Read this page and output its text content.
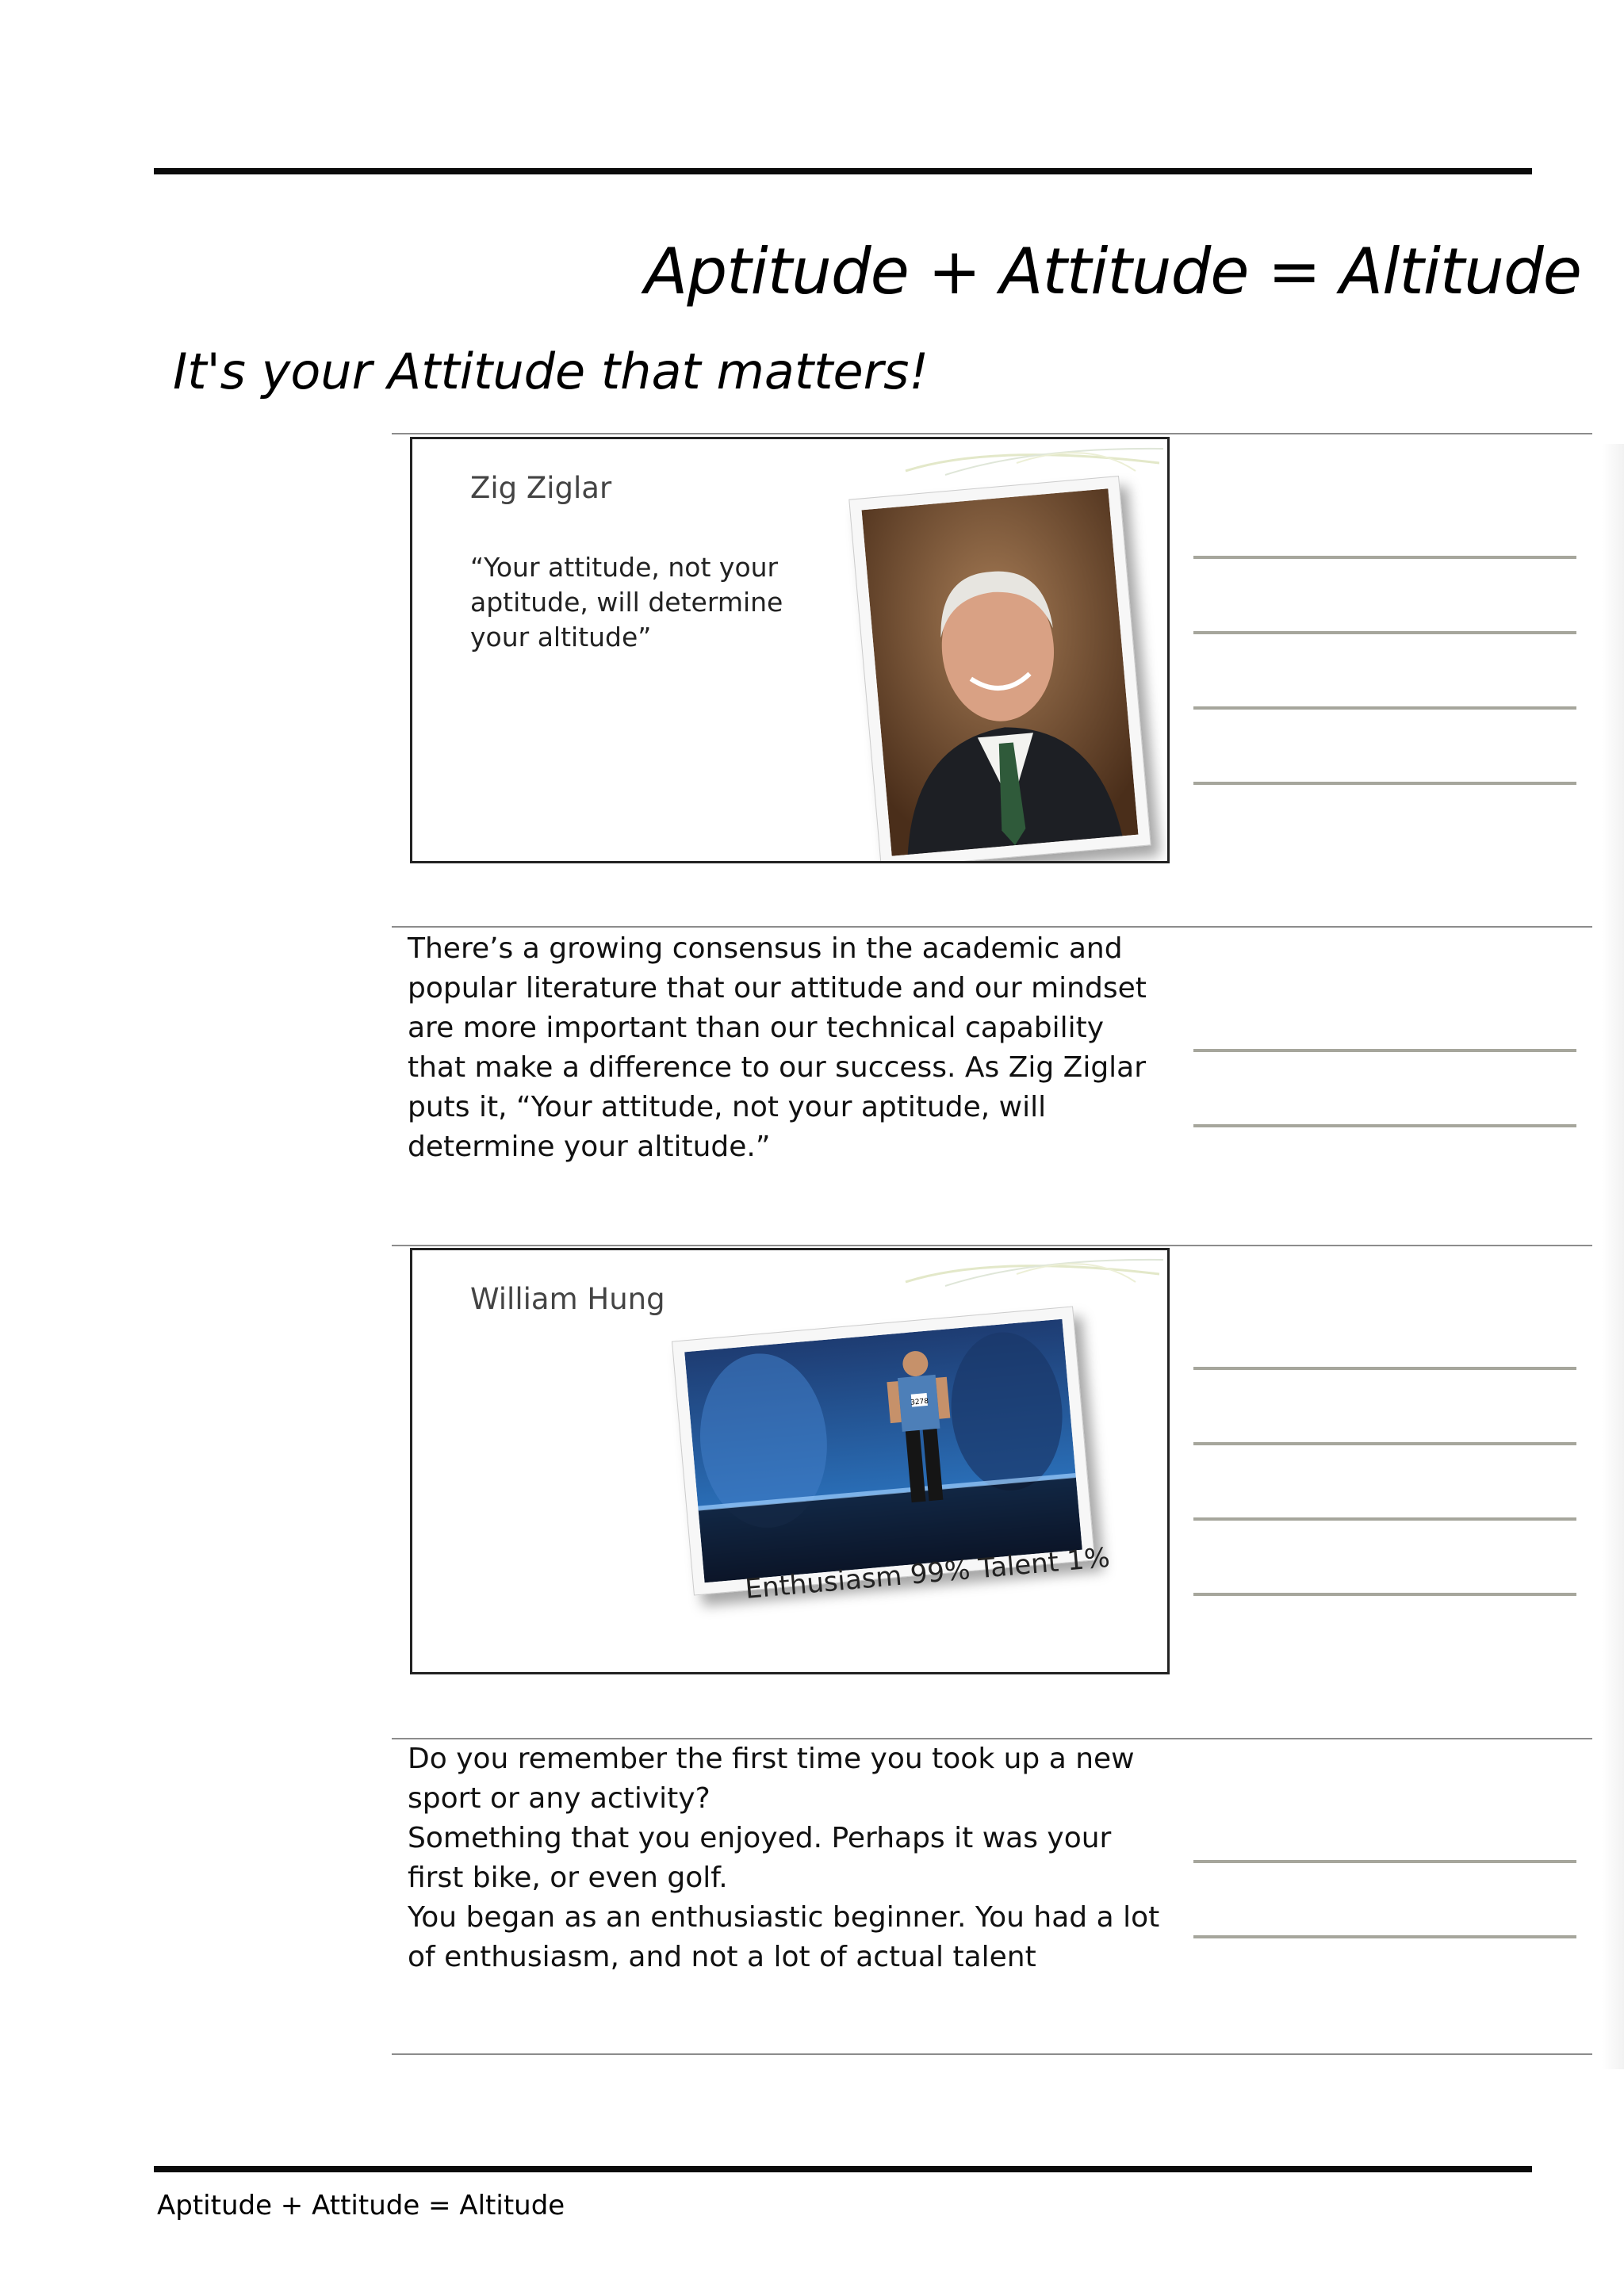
Aptitude + Attitude = Altitude
It's your Attitude that matters!
Zig Ziglar
“Your attitude, not your aptitude, will determine your altitude”

There’s a growing consensus in the academic and popular literature that our attitude and our mindset are more important than our technical capability that make a difference to our success. As Zig Ziglar puts it, “Your attitude, not your aptitude, will determine your altitude.”

William Hung
3278
Enthusiasm 99% Talent 1%

Do you remember the first time you took up a new sport or any activity?

Something that you enjoyed. Perhaps it was your first bike, or even golf.

You began as an enthusiastic beginner. You had a lot of enthusiasm, and not a lot of actual talent

Aptitude + Attitude = Altitude
